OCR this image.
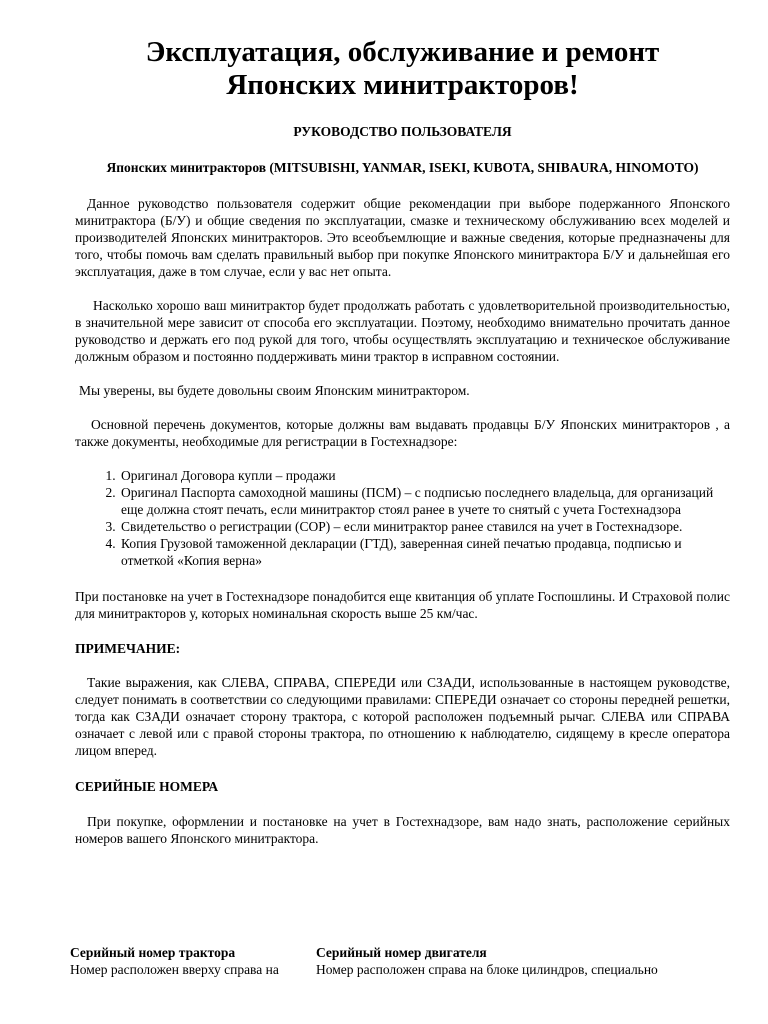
Эксплуатация, обслуживание и ремонт
Японских минитракторов!
РУКОВОДСТВО ПОЛЬЗОВАТЕЛЯ
Японских минитракторов (MITSUBISHI, YANMAR, ISEKI, KUBOTA, SHIBAURA, HINOMOTO)

Данное руководство пользователя содержит общие рекомендации при выборе подержанного Японского минитрактора (Б/У) и общие сведения по эксплуатации, смазке и техническому обслуживанию всех моделей и производителей Японских минитракторов. Это всеобъемлющие и важные сведения, которые предназначены для того, чтобы помочь вам сделать правильный выбор при покупке Японского минитрактора Б/У и дальнейшая его эксплуатация, даже в том случае, если у вас нет опыта.

Насколько хорошо ваш минитрактор будет продолжать работать с удовлетворительной производительностью, в значительной мере зависит от способа его эксплуатации. Поэтому, необходимо внимательно прочитать данное руководство и держать его под рукой для того, чтобы осуществлять эксплуатацию и техническое обслуживание должным образом и постоянно поддерживать мини трактор в исправном состоянии.

Мы уверены, вы будете довольны своим Японским минитрактором.

Основной перечень документов, которые должны вам выдавать продавцы Б/У Японских минитракторов , а также документы, необходимые для регистрации в Гостехнадзоре:

1. Оригинал Договора купли – продажи
2. Оригинал Паспорта самоходной машины (ПСМ) – с подписью последнего владельца, для организаций еще должна стоят печать, если минитрактор стоял ранее в учете то снятый с учета Гостехнадзора
3. Свидетельство о регистрации (СОР) – если минитрактор ранее ставился на учет в Гостехнадзоре.
4. Копия Грузовой таможенной декларации (ГТД), заверенная синей печатью продавца, подписью и отметкой «Копия верна»

При постановке на учет в Гостехнадзоре понадобится еще квитанция об уплате Госпошлины. И Страховой полис для минитракторов у, которых номинальная скорость выше 25 км/час.

ПРИМЕЧАНИЕ:

Такие выражения, как СЛЕВА, СПРАВА, СПЕРЕДИ или СЗАДИ, использованные в настоящем руководстве, следует понимать в соответствии со следующими правилами: СПЕРЕДИ означает со стороны передней решетки, тогда как СЗАДИ означает сторону трактора, с которой расположен подъемный рычаг. СЛЕВА или СПРАВА означает с левой или с правой стороны трактора, по отношению к наблюдателю, сидящему в кресле оператора лицом вперед.

СЕРИЙНЫЕ НОМЕРА

При покупке, оформлении и постановке на учет в Гостехнадзоре, вам надо знать, расположение серийных номеров вашего Японского минитрактора.

Серийный номер трактора	Серийный номер двигателя
Номер расположен вверху справа на	Номер расположен справа на блоке цилиндров, специально
